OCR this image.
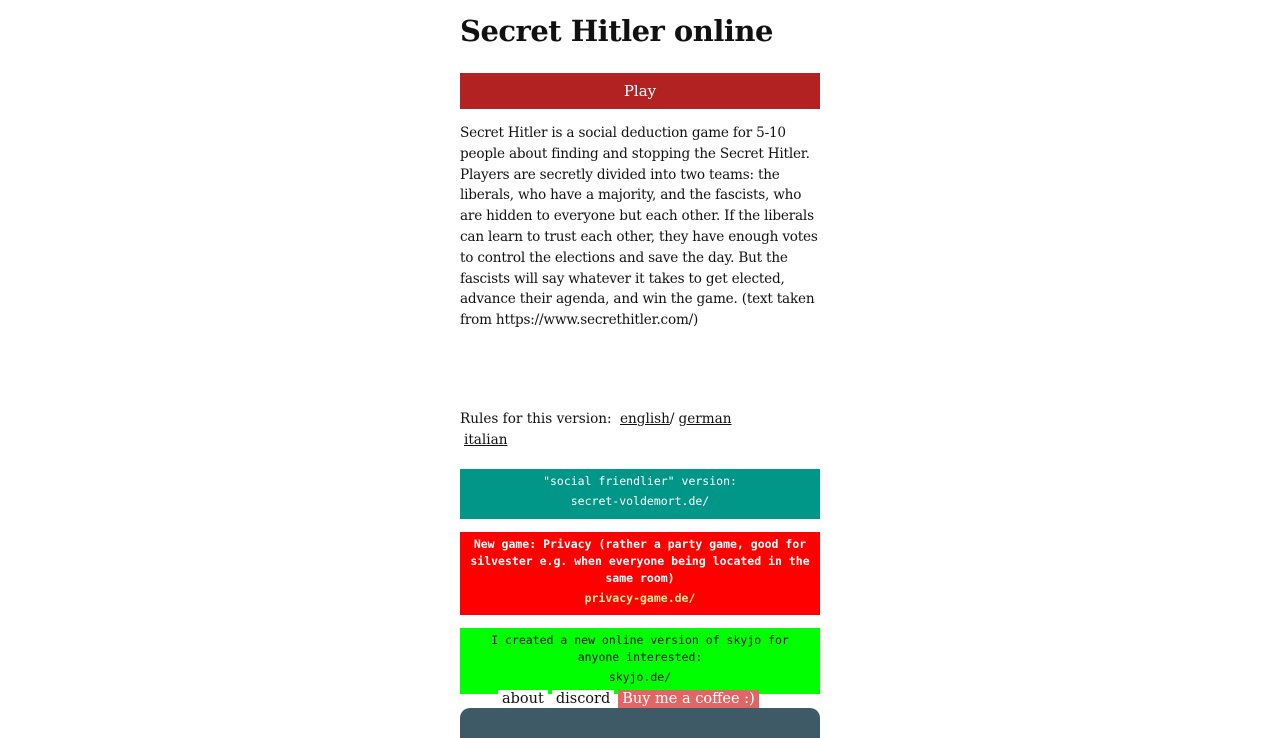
Secret Hitler online
Play
Secret Hitler is a social deduction game for 5-10 people about finding and stopping the Secret Hitler. Players are secretly divided into two teams: the liberals, who have a majority, and the fascists, who are hidden to everyone but each other. If the liberals can learn to trust each other, they have enough votes to control the elections and save the day. But the fascists will say whatever it takes to get elected, advance their agenda, and win the game. (text taken from https://www.secrethitler.com/)
Rules for this version: english/ german
italian
"social friendlier" version:
secret-voldemort.de/
New game: Privacy (rather a party game, good for silvester e.g. when everyone being located in the same room)
privacy-game.de/
I created a new online version of skyjo for anyone interested:
skyjo.de/
about discord Buy me a coffee :)
